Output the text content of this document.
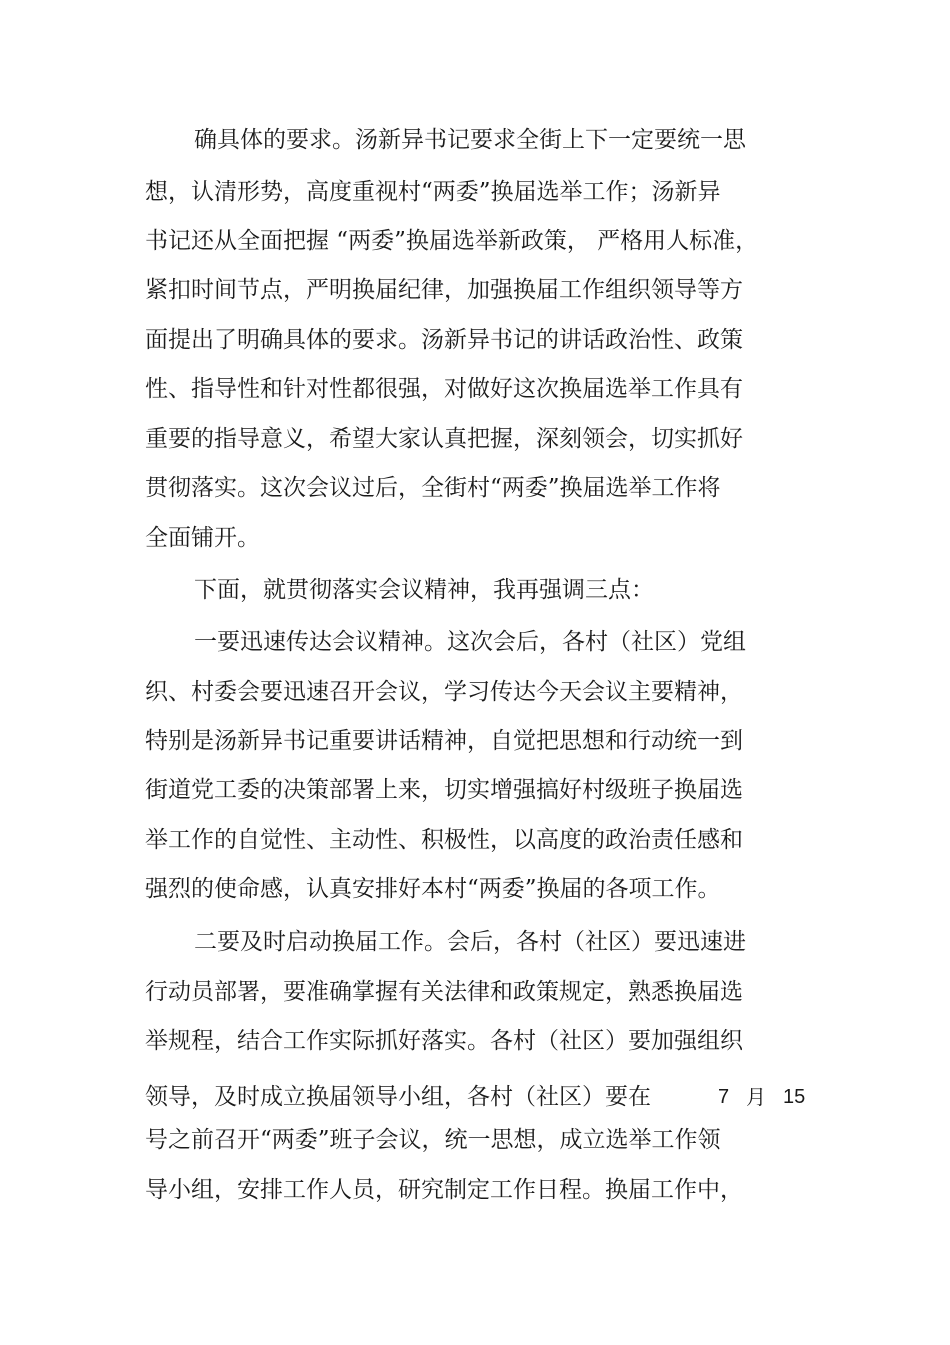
确具体的要求。汤新异书记要求全街上下一定要统一思
想，认清形势，高度重视村“两委”换届选举工作；汤新异
书记还从全面把握 “两委”换届选举新政策， 严格用人标准，
紧扣时间节点，严明换届纪律，加强换届工作组织领导等方
面提出了明确具体的要求。汤新异书记的讲话政治性、政策
性、指导性和针对性都很强，对做好这次换届选举工作具有
重要的指导意义，希望大家认真把握，深刻领会，切实抓好
贯彻落实。这次会议过后，全街村“两委”换届选举工作将
全面铺开。
下面，就贯彻落实会议精神，我再强调三点：
一要迅速传达会议精神。这次会后，各村（社区）党组
织、村委会要迅速召开会议，学习传达今天会议主要精神，
特别是汤新异书记重要讲话精神，自觉把思想和行动统一到
街道党工委的决策部署上来，切实增强搞好村级班子换届选
举工作的自觉性、主动性、积极性，以高度的政治责任感和
强烈的使命感，认真安排好本村“两委”换届的各项工作。
二要及时启动换届工作。会后，各村（社区）要迅速进
行动员部署，要准确掌握有关法律和政策规定，熟悉换届选
举规程，结合工作实际抓好落实。各村（社区）要加强组织
领导，及时成立换届领导小组，各村（社区）要在	7 月 15
号之前召开“两委”班子会议，统一思想，成立选举工作领
导小组，安排工作人员，研究制定工作日程。换届工作中，
